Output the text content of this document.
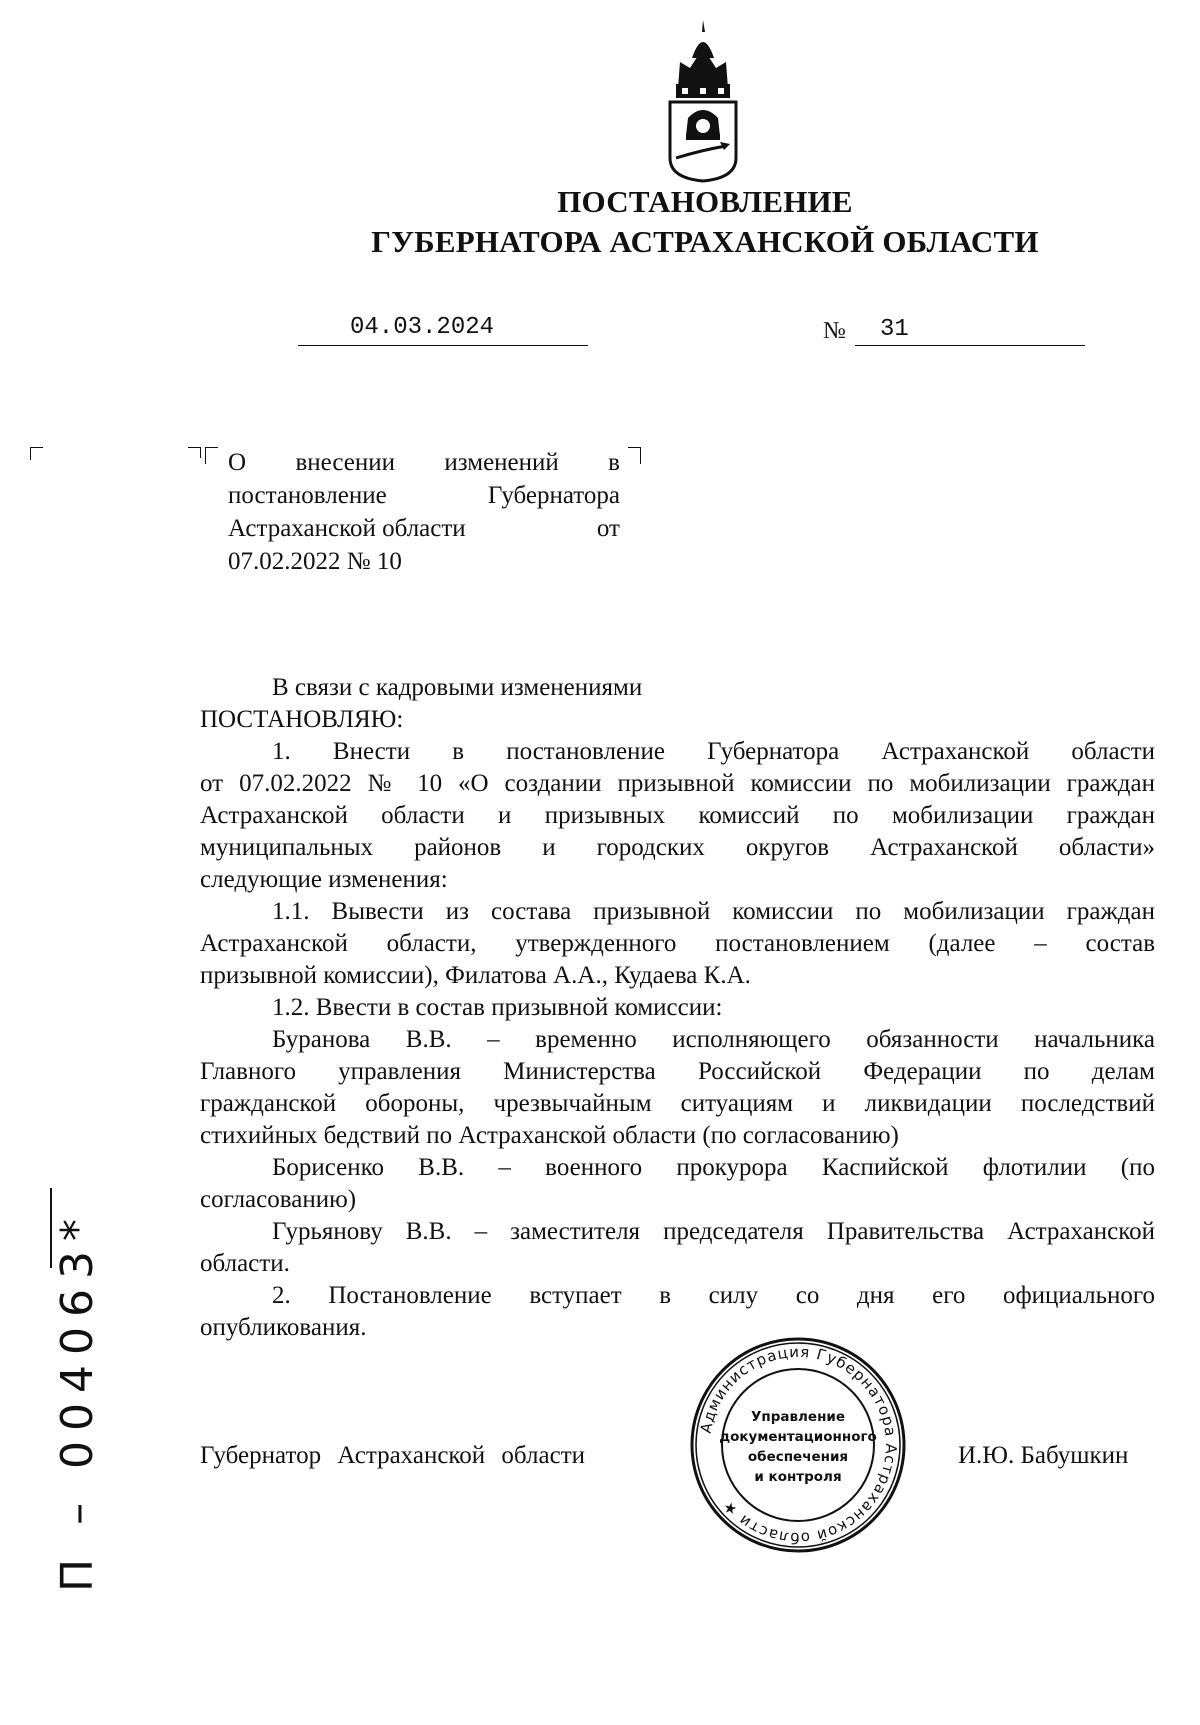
ПОСТАНОВЛЕНИЕ
ГУБЕРНАТОРА АСТРАХАНСКОЙ ОБЛАСТИ
04.03.2024	№ 31
О внесении изменений в
постановление	Губернатора
Астраханской области	от
07.02.2022 № 10
В связи с кадровыми изменениями
ПОСТАНОВЛЯЮ:
1. Внести в постановление Губернатора Астраханской области
от 07.02.2022 № 10 «О создании призывной комиссии по мобилизации граждан
Астраханской области и призывных комиссий по мобилизации граждан
муниципальных районов и городских округов Астраханской области»
следующие изменения:
1.1. Вывести из состава призывной комиссии по мобилизации граждан
Астраханской области, утвержденного постановлением (далее – состав
призывной комиссии), Филатова А.А., Кудаева К.А.
1.2. Ввести в состав призывной комиссии:
Буранова В.В. – временно исполняющего обязанности начальника
Главного управления Министерства Российской Федерации по делам
гражданской обороны, чрезвычайным ситуациям и ликвидации последствий
стихийных бедствий по Астраханской области (по согласованию)
Борисенко В.В. – военного прокурора Каспийской флотилии (по
согласованию)
Гурьянову В.В. – заместителя председателя Правительства Астраханской
области.
2. Постановление вступает в силу со дня его официального
опубликования.
Губернатор Астраханской области	И.Ю. Бабушкин
Администрация Губернатора Астраханской области ★
Управление
документационного
обеспечения
и контроля
П – 004063*
